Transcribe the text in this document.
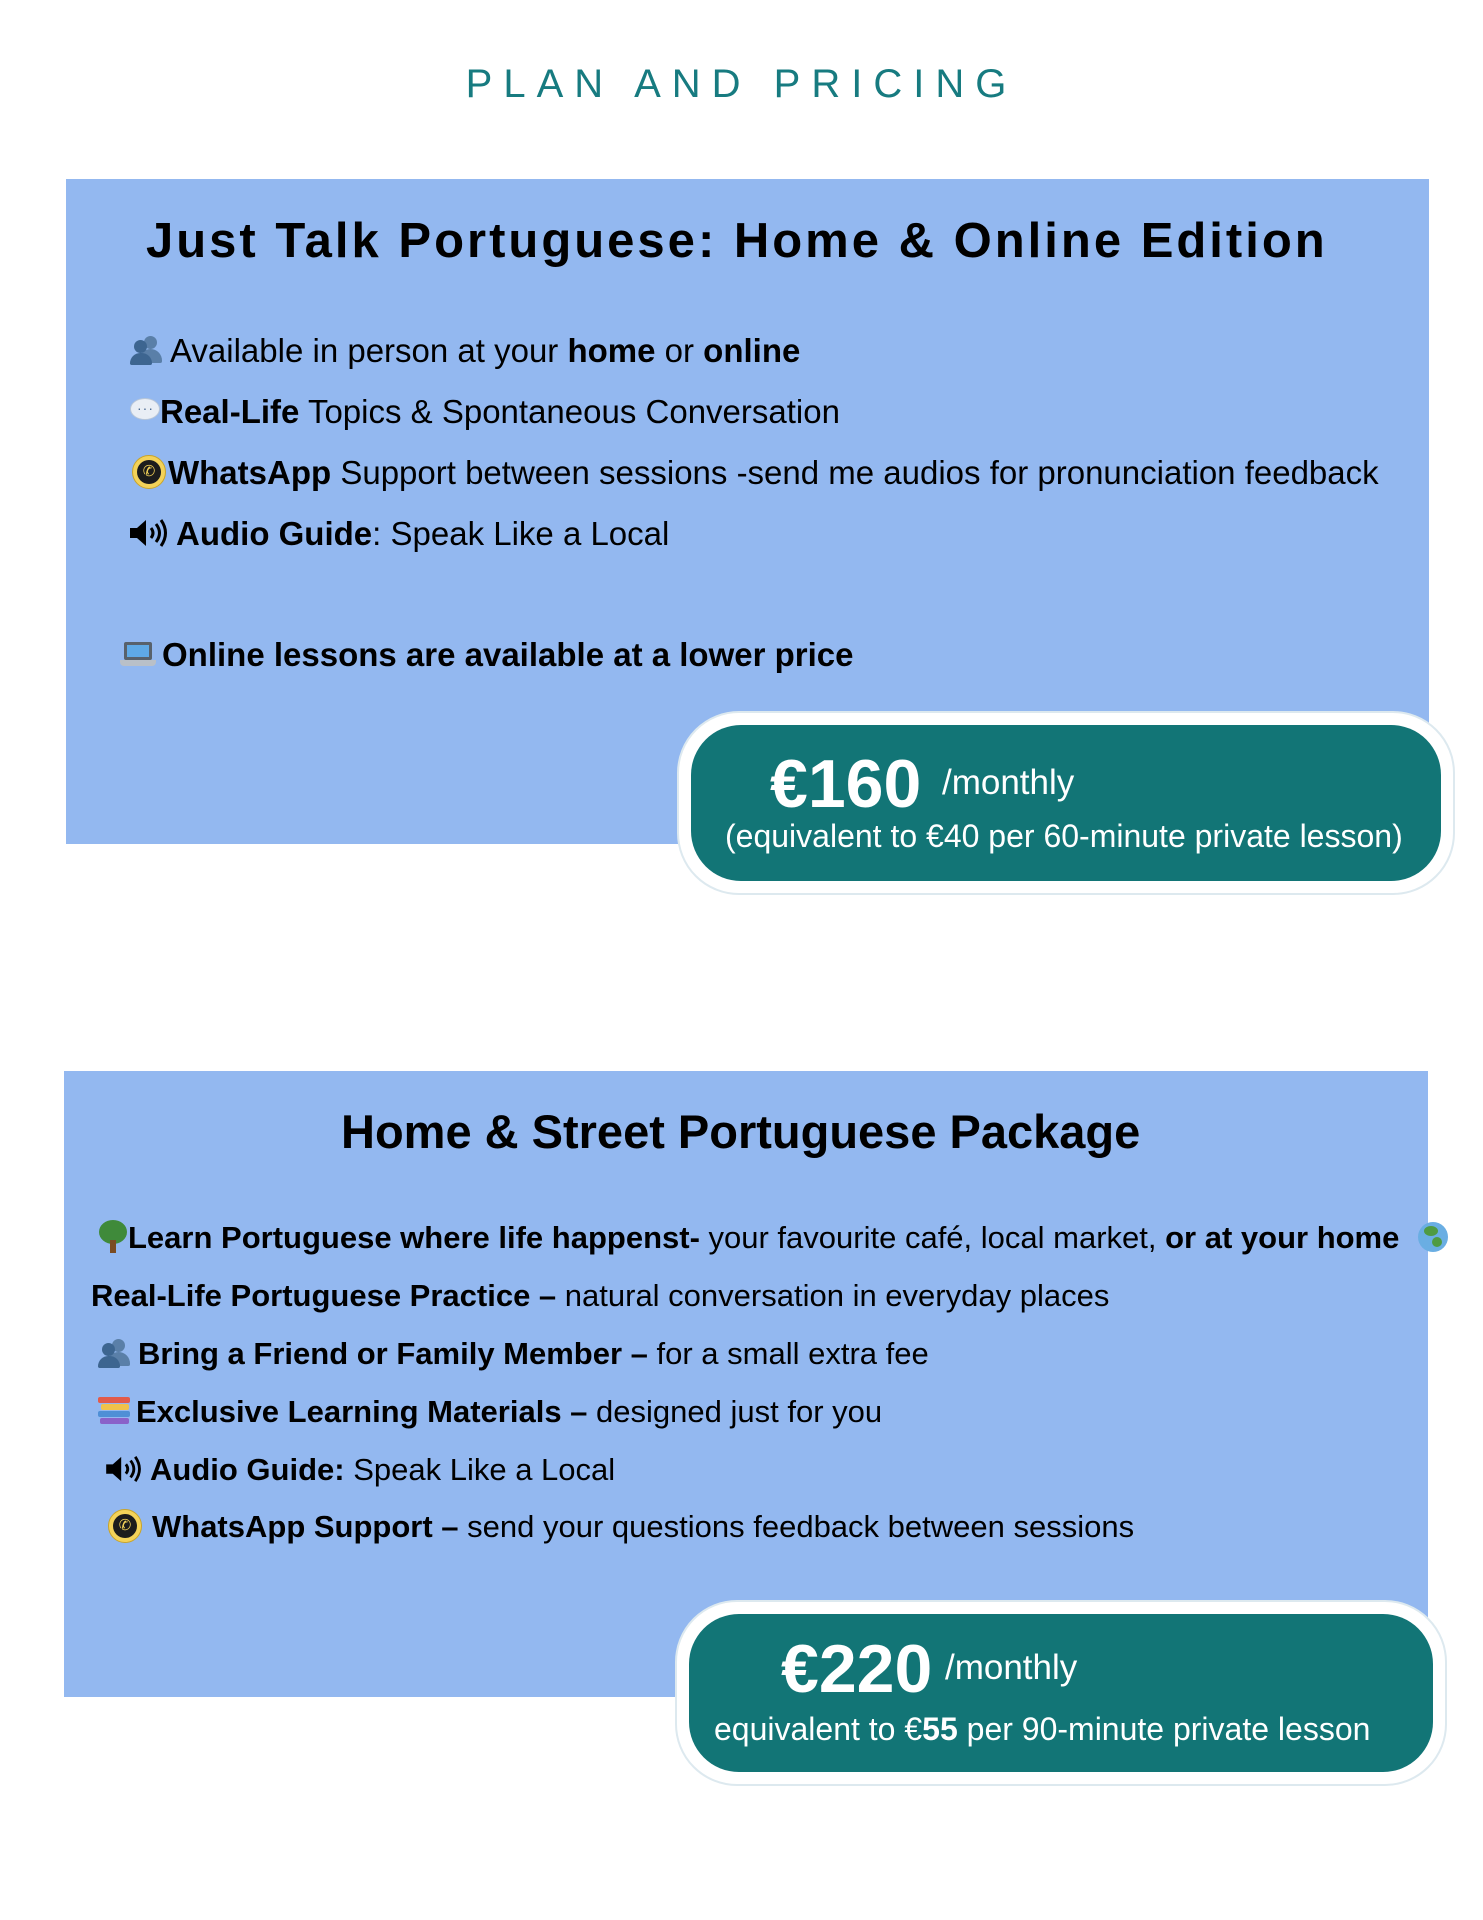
PLAN AND PRICING
Just Talk Portuguese: Home & Online Edition
Available in person at your home or online
··· Real-Life Topics & Spontaneous Conversation
✆ WhatsApp Support between sessions -send me audios for pronunciation feedback
Audio Guide: Speak Like a Local
Online lessons are available at a lower price
€160 /monthly
(equivalent to €40 per 60-minute private lesson)
Home & Street Portuguese Package
Learn Portuguese where life happenst- your favourite café, local market, or at your home
Real-Life Portuguese Practice – natural conversation in everyday places
Bring a Friend or Family Member – for a small extra fee
Exclusive Learning Materials – designed just for you
Audio Guide: Speak Like a Local
✆ WhatsApp Support – send your questions feedback between sessions
€220 /monthly
equivalent to €55 per 90-minute private lesson
